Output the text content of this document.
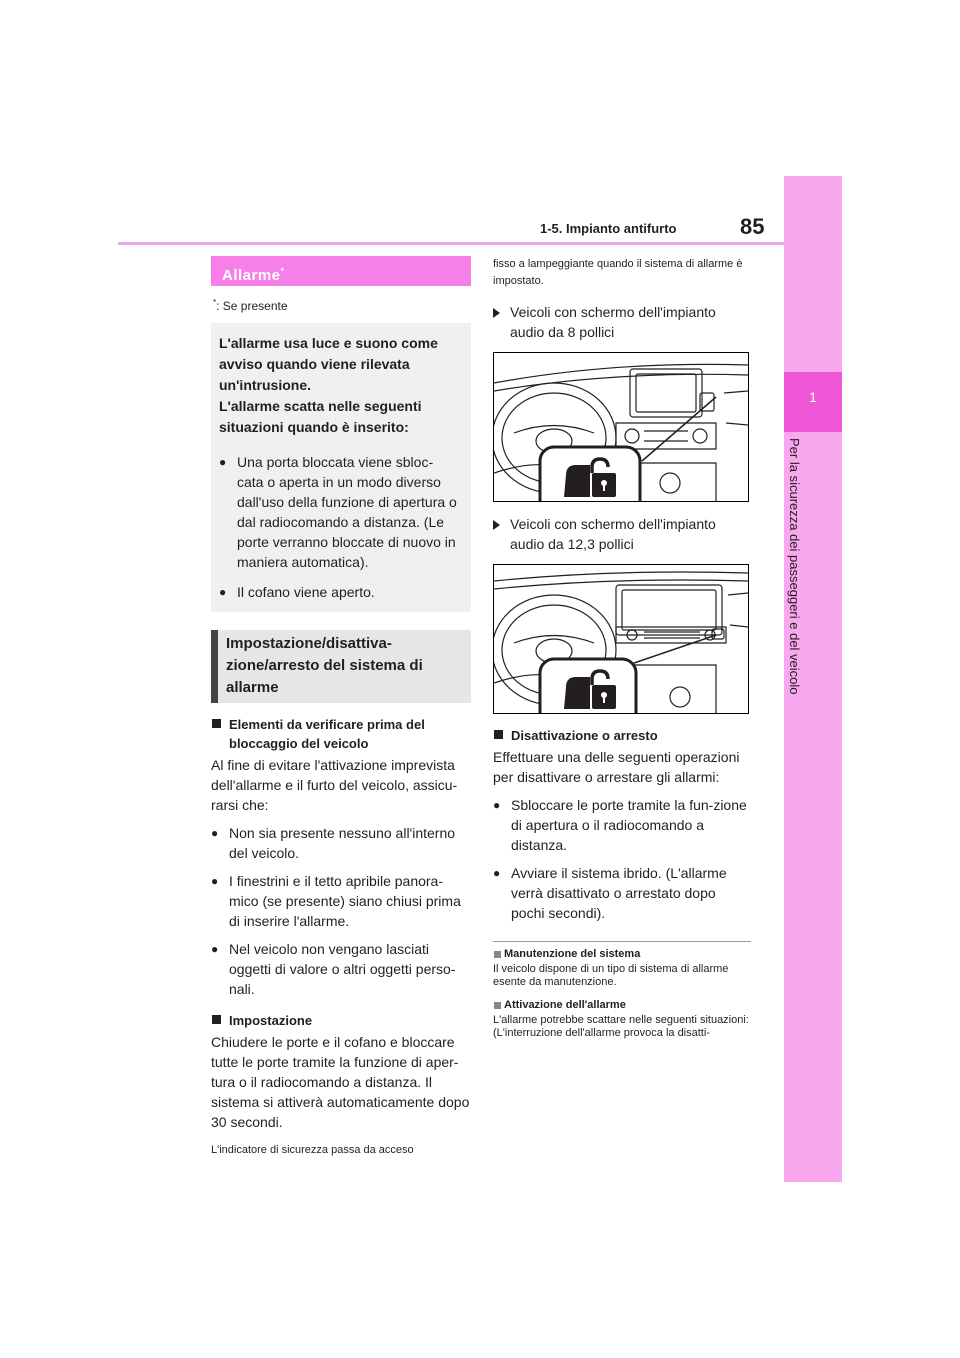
1
Per la sicurezza dei passeggeri e del veicolo
85
1-5. Impianto antifurto
Allarme*
*: Se presente
L'allarme usa luce e suono come
avviso quando viene rilevata
un'intrusione.
L'allarme scatta nelle seguenti
situazioni quando è inserito:
● Una porta bloccata viene sbloc-cata o aperta in un modo diverso dall'uso della funzione di apertura o dal radiocomando a distanza. (Le porte verranno bloccate di nuovo in maniera automatica).
● Il cofano viene aperto.
Impostazione/disattiva-zione/arresto del sistema di allarme
Elementi da verificare prima del bloccaggio del veicolo
Al fine di evitare l'attivazione imprevista dell'allarme e il furto del veicolo, assicu-rarsi che:
● Non sia presente nessuno all'interno del veicolo.
● I finestrini e il tetto apribile panora-mico (se presente) siano chiusi prima di inserire l'allarme.
● Nel veicolo non vengano lasciati oggetti di valore o altri oggetti perso-nali.
Impostazione
Chiudere le porte e il cofano e bloccare tutte le porte tramite la funzione di aper-tura o il radiocomando a distanza. Il sistema si attiverà automaticamente dopo 30 secondi.
L'indicatore di sicurezza passa da acceso
fisso a lampeggiante quando il sistema di allarme è impostato.
Veicoli con schermo dell'impianto audio da 8 pollici
Veicoli con schermo dell'impianto audio da 12,3 pollici
Disattivazione o arresto
Effettuare una delle seguenti operazioni per disattivare o arrestare gli allarmi:
● Sbloccare le porte tramite la fun-zione di apertura o il radiocomando a distanza.
● Avviare il sistema ibrido. (L'allarme verrà disattivato o arrestato dopo pochi secondi).
Manutenzione del sistema
Il veicolo dispone di un tipo di sistema di allarme esente da manutenzione.
Attivazione dell'allarme
L'allarme potrebbe scattare nelle seguenti situazioni: (L'interruzione dell'allarme provoca la disatti-
